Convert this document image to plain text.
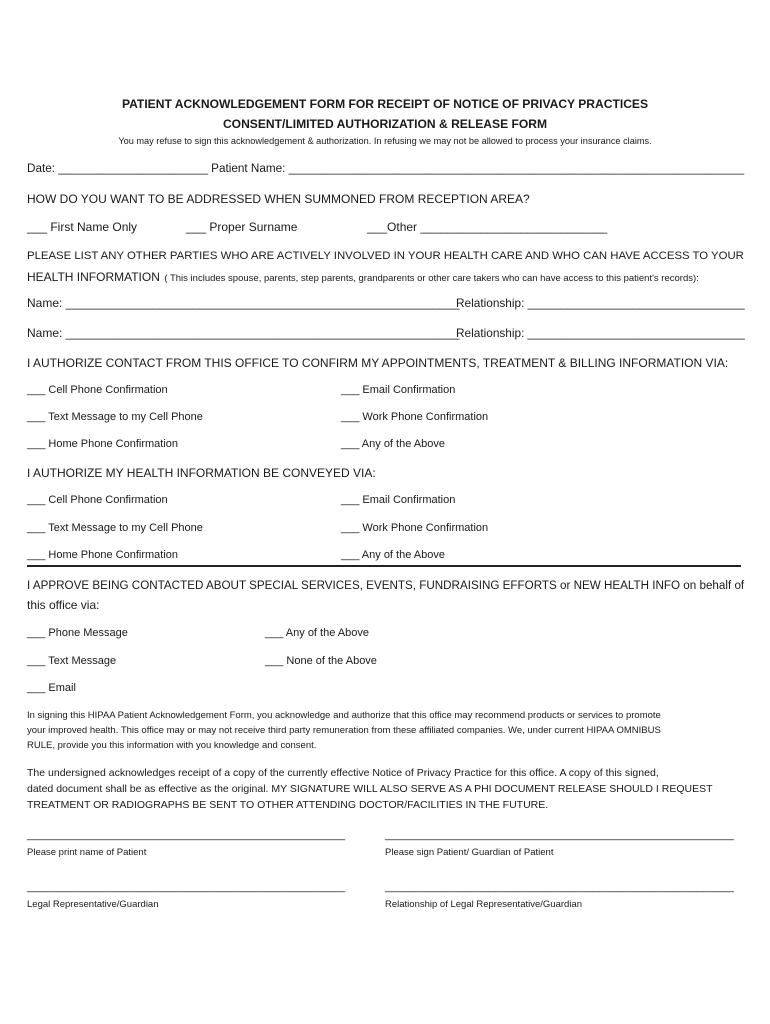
PATIENT ACKNOWLEDGEMENT FORM FOR RECEIPT OF NOTICE OF PRIVACY PRACTICES
CONSENT/LIMITED AUTHORIZATION & RELEASE FORM
You may refuse to sign this acknowledgement & authorization. In refusing we may not be allowed to process your insurance claims.
Date: _______________________ Patient Name: ______________________________________________________________________
HOW DO YOU WANT TO BE ADDRESSED WHEN SUMMONED FROM RECEPTION AREA?
___ First Name Only	___ Proper Surname	___Other ____________________________
PLEASE LIST ANY OTHER PARTIES WHO ARE ACTIVELY INVOLVED IN YOUR HEALTH CARE AND WHO CAN HAVE ACCESS TO YOUR
HEALTH INFORMATION ( This includes spouse, parents, step parents, grandparents or other care takers who can have access to this patient's records):
Name: ___________________________________________________________
Relationship: _________________________________
Name: ___________________________________________________________
Relationship: _________________________________
I AUTHORIZE CONTACT FROM THIS OFFICE TO CONFIRM MY APPOINTMENTS, TREATMENT & BILLING INFORMATION VIA:
___ Cell Phone Confirmation	___ Email Confirmation
___ Text Message to my Cell Phone	___ Work Phone Confirmation
___ Home Phone Confirmation	___ Any of the Above
I AUTHORIZE MY HEALTH INFORMATION BE CONVEYED VIA:
___ Cell Phone Confirmation	___ Email Confirmation
___ Text Message to my Cell Phone	___ Work Phone Confirmation
___ Home Phone Confirmation	___ Any of the Above
I APPROVE BEING CONTACTED ABOUT SPECIAL SERVICES, EVENTS, FUNDRAISING EFFORTS or NEW HEALTH INFO on behalf of
this office via:
___ Phone Message	___ Any of the Above
___ Text Message	___ None of the Above
___ Email
In signing this HIPAA Patient Acknowledgement Form, you acknowledge and authorize that this office may recommend products or services to promote
your improved health. This office may or may not receive third party remuneration from these affiliated companies. We, under current HIPAA OMNIBUS
RULE, provide you this information with you knowledge and consent.
The undersigned acknowledges receipt of a copy of the currently effective Notice of Privacy Practice for this office. A copy of this signed,
dated document shall be as effective as the original. MY SIGNATURE WILL ALSO SERVE AS A PHI DOCUMENT RELEASE SHOULD I REQUEST
TREATMENT OR RADIOGRAPHS BE SENT TO OTHER ATTENDING DOCTOR/FACILITIES IN THE FUTURE.
____________________________________________________	_________________________________________________________
Please print name of Patient	Please sign Patient/ Guardian of Patient
____________________________________________________	_________________________________________________________
Legal Representative/Guardian	Relationship of Legal Representative/Guardian
